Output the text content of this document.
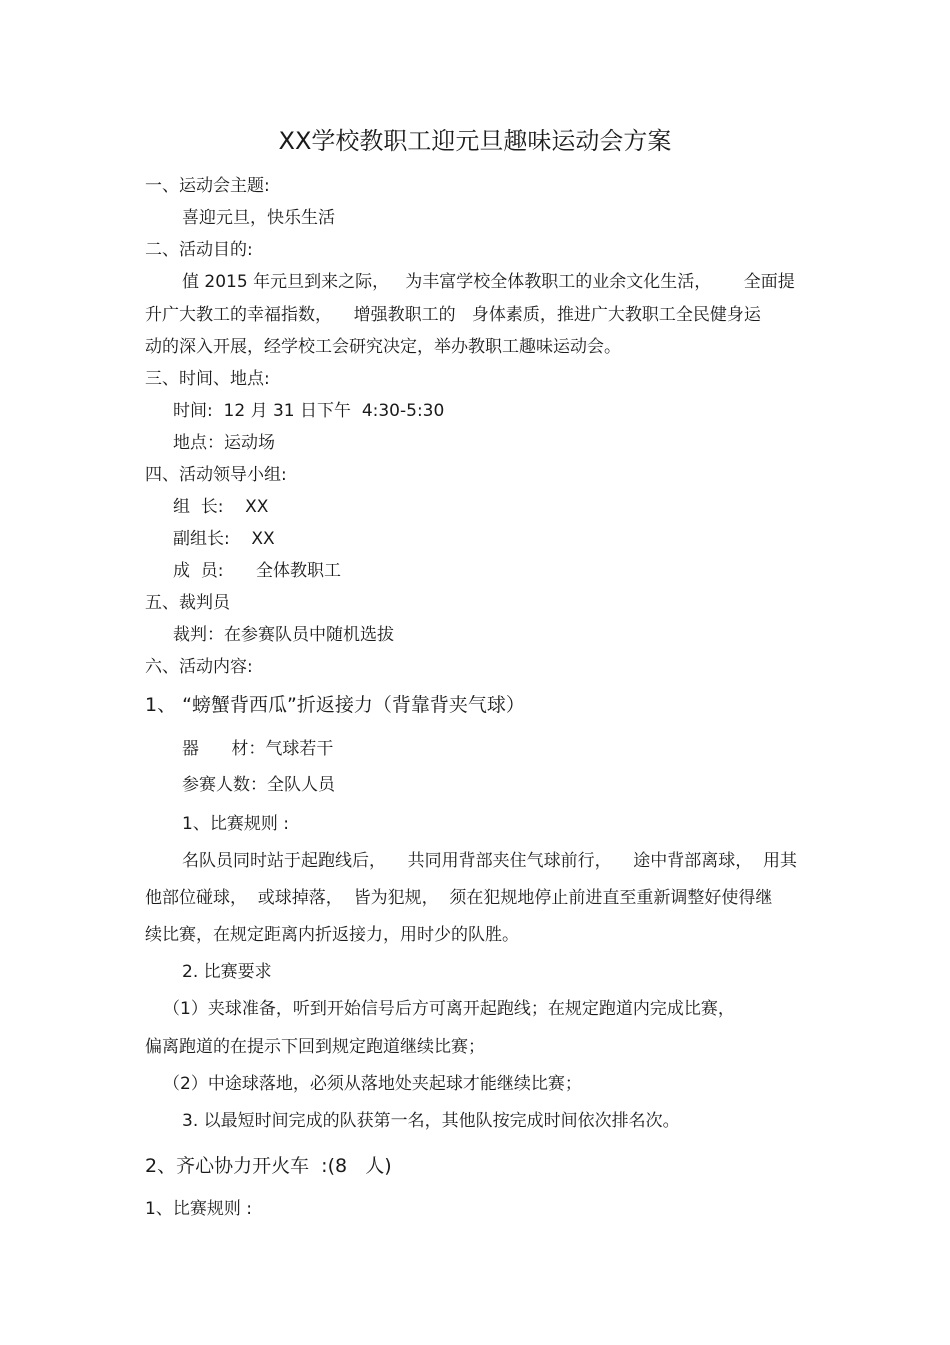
XX学校教职工迎元旦趣味运动会方案
一、运动会主题:
喜迎元旦，快乐生活
二、活动目的:
值 2015 年元旦到来之际，   为丰富学校全体教职工的业余文化生活，      全面提
升广大教工的幸福指数，    增强教职工的   身体素质，推进广大教职工全民健身运
动的深入开展，经学校工会研究决定，举办教职工趣味运动会。
三、时间、地点:
时间:  12 月 31 日下午  4:30-5:30
地点：运动场
四、活动领导小组:
组  长:    XX
副组长:    XX
成  员:      全体教职工
五、裁判员
裁判：在参赛队员中随机选拔
六、活动内容:
1、 “螃蟹背西瓜”折返接力（背靠背夹气球）
器      材：气球若干
参赛人数：全队人员
1、比赛规则 :
名队员同时站于起跑线后，    共同用背部夹住气球前行，    途中背部离球，  用其
他部位碰球，  或球掉落，  皆为犯规，  须在犯规地停止前进直至重新调整好使得继
续比赛，在规定距离内折返接力，用时少的队胜。
2. 比赛要求
（1）夹球准备，听到开始信号后方可离开起跑线；在规定跑道内完成比赛，
偏离跑道的在提示下回到规定跑道继续比赛；
（2）中途球落地，必须从落地处夹起球才能继续比赛；
3. 以最短时间完成的队获第一名，其他队按完成时间依次排名次。
2、齐心协力开火车  :(8   人)
1、比赛规则 :
